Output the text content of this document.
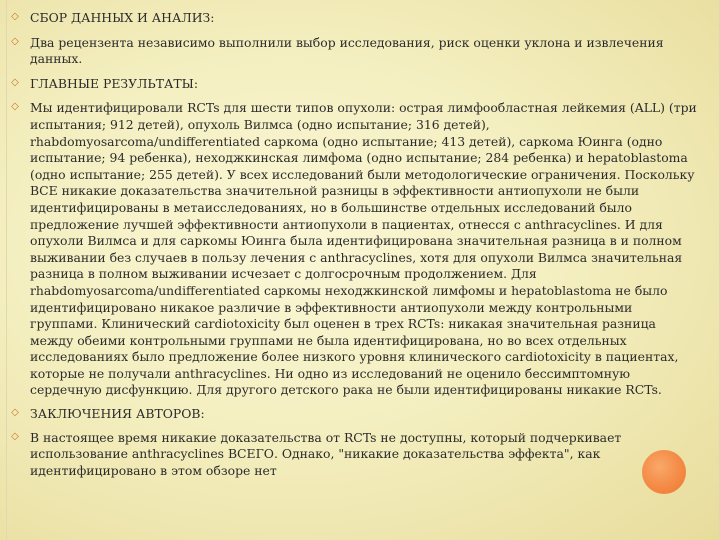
◇ СБОР ДАННЫХ И АНАЛИЗ:
◇ Два рецензента независимо выполнили выбор исследования, риск оценки уклона и извлечения данных.
◇ ГЛАВНЫЕ РЕЗУЛЬТАТЫ:
◇ Мы идентифицировали RCTs для шести типов опухоли: острая лимфообластная лейкемия (ALL) (три испытания; 912 детей), опухоль Вилмса (одно испытание; 316 детей), rhabdomyosarcoma/undifferentiated саркома (одно испытание; 413 детей), саркома Юинга (одно испытание; 94 ребенка), неходжкинская лимфома (одно испытание; 284 ребенка) и hepatoblastoma (одно испытание; 255 детей). У всех исследований были методологические ограничения. Поскольку ВСЕ никакие доказательства значительной разницы в эффективности антиопухоли не были идентифицированы в метаисследованиях, но в большинстве отдельных исследований было предложение лучшей эффективности антиопухоли в пациентах, отнесся с anthracyclines. И для опухоли Вилмса и для саркомы Юинга была идентифицирована значительная разница в и полном выживании без случаев в пользу лечения с anthracyclines, хотя для опухоли Вилмса значительная разница в полном выживании исчезает с долгосрочным продолжением. Для rhabdomyosarcoma/undifferentiated саркомы неходжкинской лимфомы и hepatoblastoma не было идентифицировано никакое различие в эффективности антиопухоли между контрольными группами. Клинический cardiotoxicity был оценен в трех RCTs: никакая значительная разница между обеими контрольными группами не была идентифицирована, но во всех отдельных исследованиях было предложение более низкого уровня клинического cardiotoxicity в пациентах, которые не получали anthracyclines. Ни одно из исследований не оценило бессимптомную сердечную дисфункцию. Для другого детского рака не были идентифицированы никакие RCTs.
◇ ЗАКЛЮЧЕНИЯ АВТОРОВ:
◇ В настоящее время никакие доказательства от RCTs не доступны, который подчеркивает использование anthracyclines ВСЕГО. Однако, "никакие доказательства эффекта", как идентифицировано в этом обзоре нет
